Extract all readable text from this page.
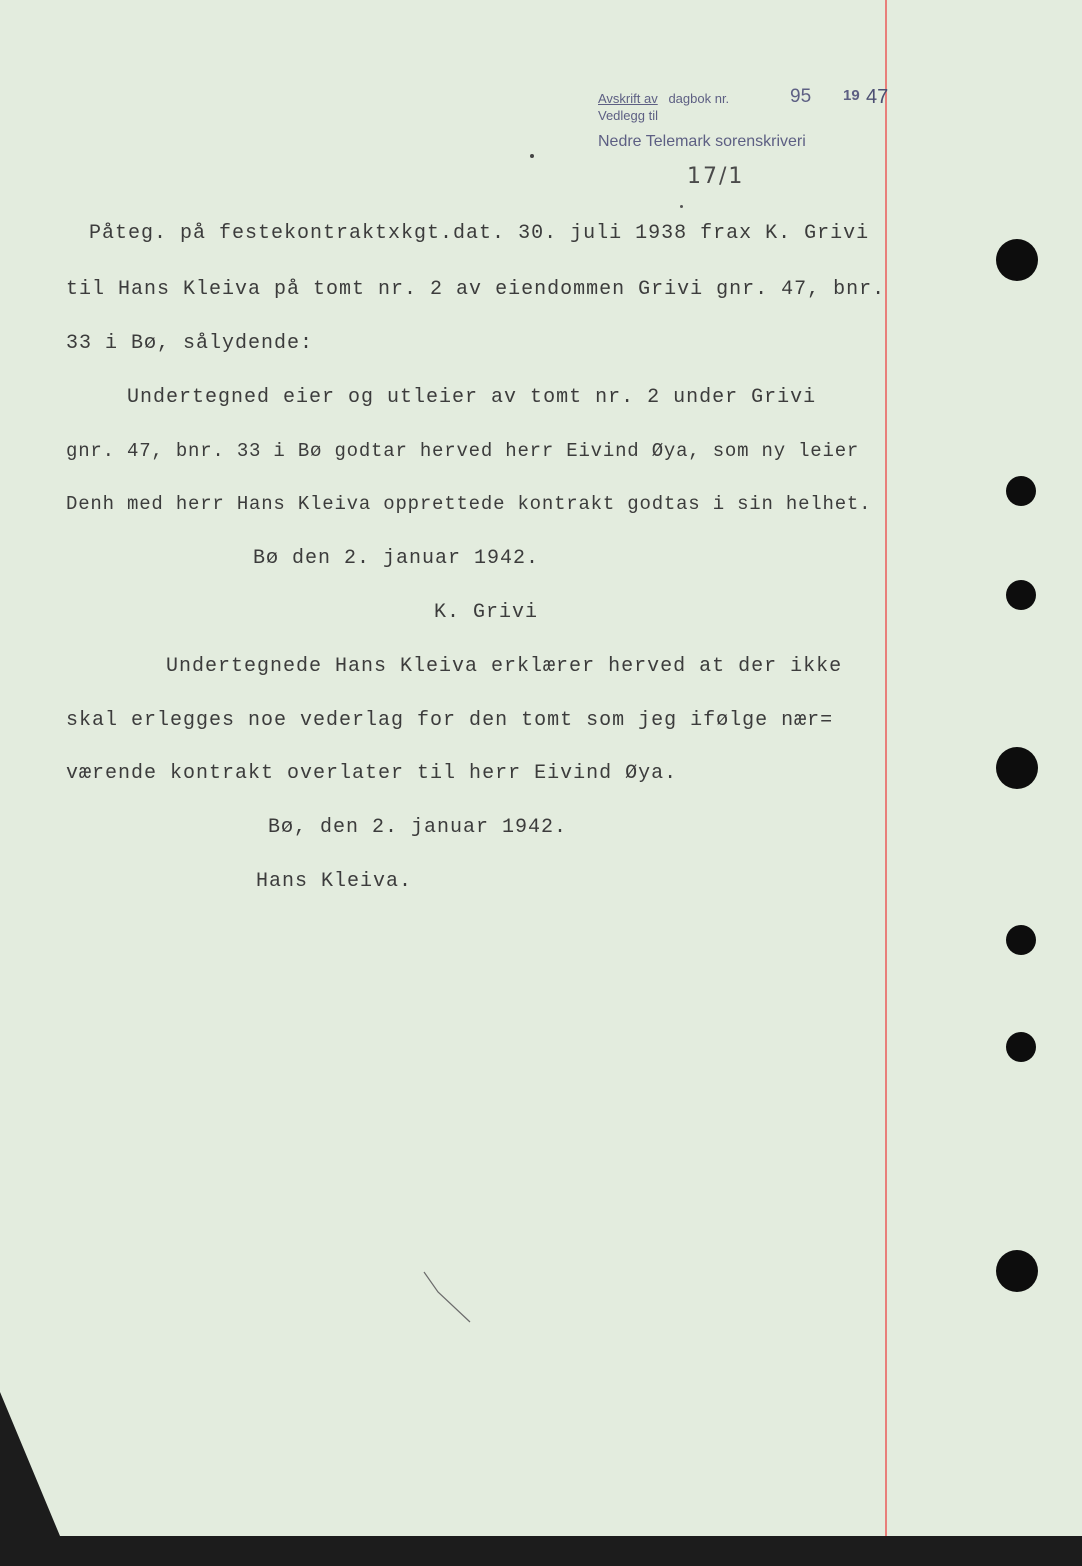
Avskrift av dagbok nr.	95 19 47
Vedlegg til
Nedre Telemark sorenskriveri
17/1
Påteg. på festekontraktxkgt.dat. 30. juli 1938 frax K. Grivi
til Hans Kleiva på tomt nr. 2 av eiendommen Grivi gnr. 47, bnr.
33 i Bø, sålydende:
Undertegned eier og utleier av tomt nr. 2 under Grivi
gnr. 47, bnr. 33 i Bø godtar herved herr Eivind Øya, som ny leier
Denh med herr Hans Kleiva opprettede kontrakt godtas i sin helhet.
Bø den 2. januar 1942.
K. Grivi
Undertegnede Hans Kleiva erklærer herved at der ikke
skal erlegges noe vederlag for den tomt som jeg ifølge nær=
værende kontrakt overlater til herr Eivind Øya.
Bø, den 2. januar 1942.
Hans Kleiva.
